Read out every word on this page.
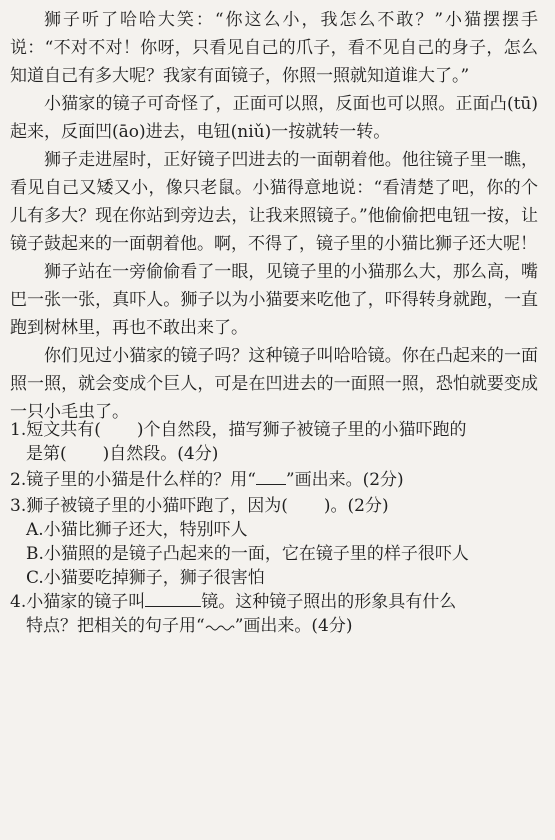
狮子听了哈哈大笑：“你这么小，我怎么不敢？”小猫摆摆手说：“不对不对！你呀，只看见自己的爪子，看不见自己的身子，怎么知道自己有多大呢？我家有面镜子，你照一照就知道谁大了。”

小猫家的镜子可奇怪了，正面可以照，反面也可以照。正面凸(tū)起来，反面凹(āo)进去，电钮(niǔ)一按就转一转。

狮子走进屋时，正好镜子凹进去的一面朝着他。他往镜子里一瞧，看见自己又矮又小，像只老鼠。小猫得意地说：“看清楚了吧，你的个儿有多大？现在你站到旁边去，让我来照镜子。”他偷偷把电钮一按，让镜子鼓起来的一面朝着他。啊，不得了，镜子里的小猫比狮子还大呢！

狮子站在一旁偷偷看了一眼，见镜子里的小猫那么大，那么高，嘴巴一张一张，真吓人。狮子以为小猫要来吃他了，吓得转身就跑，一直跑到树林里，再也不敢出来了。

你们见过小猫家的镜子吗？这种镜子叫哈哈镜。你在凸起来的一面照一照，就会变成个巨人，可是在凹进去的一面照一照，恐怕就要变成一只小毛虫了。

1.短文共有( )个自然段，描写狮子被镜子里的小猫吓跑的
是第( )自然段。(4分)
2.镜子里的小猫是什么样的？用“ ”画出来。(2分)
3.狮子被镜子里的小猫吓跑了，因为( )。(2分)
A.小猫比狮子还大，特别吓人
B.小猫照的是镜子凸起来的一面，它在镜子里的样子很吓人
C.小猫要吃掉狮子，狮子很害怕
4.小猫家的镜子叫	镜。这种镜子照出的形象具有什么
特点？把相关的句子用“ ”画出来。(4分)
